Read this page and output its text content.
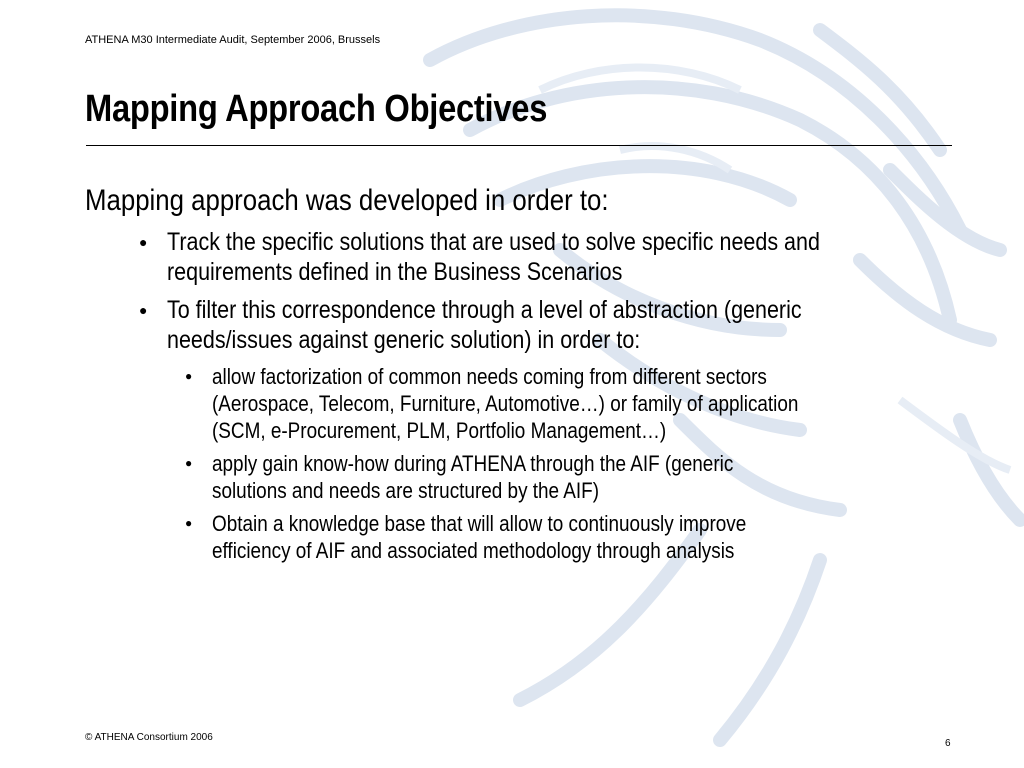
ATHENA M30 Intermediate Audit, September 2006, Brussels
Mapping Approach Objectives
Mapping approach was developed in order to:
● Track the specific solutions that are used to solve specific needs and
requirements defined in the Business Scenarios
● To filter this correspondence through a level of abstraction (generic
needs/issues against generic solution) in order to:
● allow factorization of common needs coming from different sectors
(Aerospace, Telecom, Furniture, Automotive…) or family of application
(SCM, e-Procurement, PLM, Portfolio Management…)
● apply gain know-how during ATHENA through the AIF (generic
solutions and needs are structured by the AIF)
● Obtain a knowledge base that will allow to continuously improve
efficiency of AIF and associated methodology through analysis
© ATHENA Consortium 2006
6
